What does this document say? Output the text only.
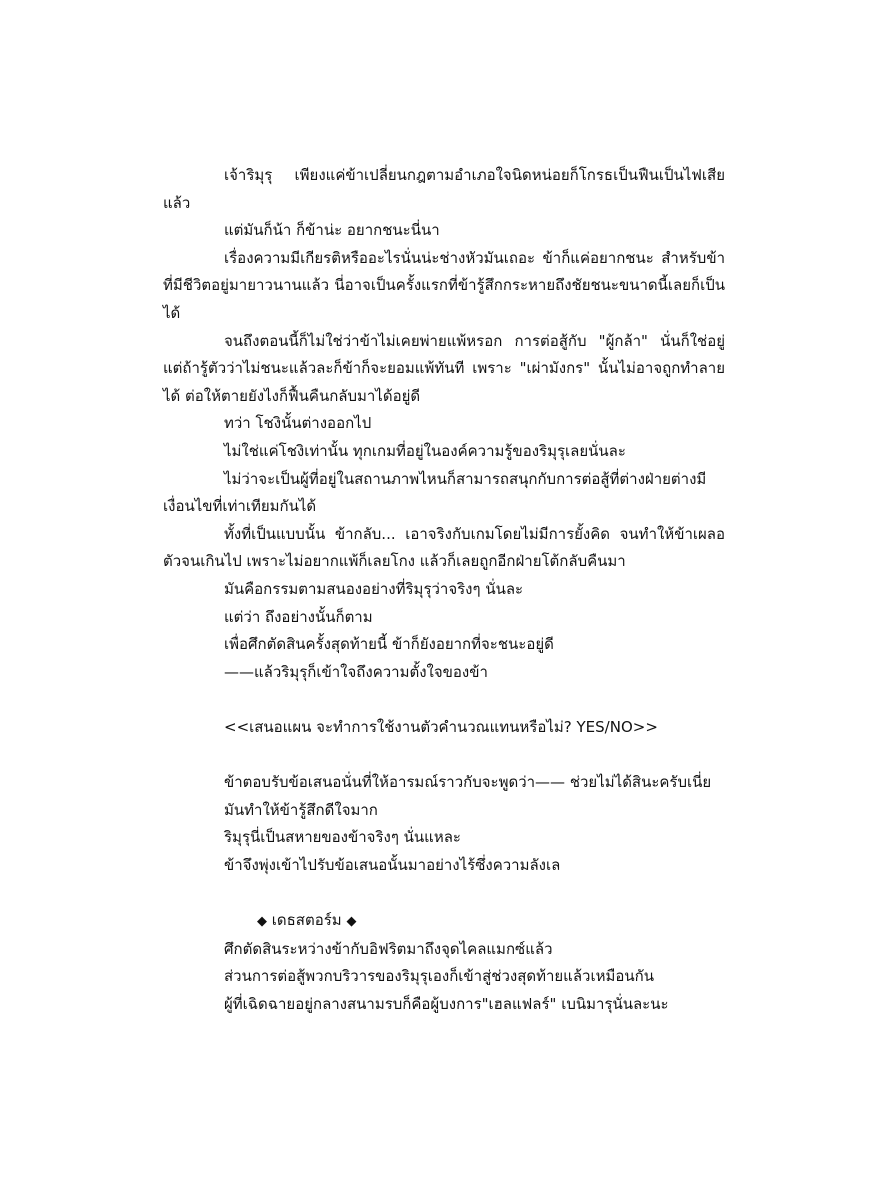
เจ้าริมุรุ เพียงแค่ข้าเปลี่ยนกฎตามอำเภอใจนิดหน่อยก็โกรธเป็นฟืนเป็นไฟเสียแล้ว

แต่มันก็น้า ก็ข้าน่ะ อยากชนะนี่นา

เรื่องความมีเกียรติหรืออะไรนั่นน่ะช่างหัวมันเถอะ ข้าก็แค่อยากชนะ สำหรับข้าที่มีชีวิตอยู่มายาวนานแล้ว นี่อาจเป็นครั้งแรกที่ข้ารู้สึกกระหายถึงชัยชนะขนาดนี้เลยก็เป็นได้

จนถึงตอนนี้ก็ไม่ใช่ว่าข้าไม่เคยพ่ายแพ้หรอก การต่อสู้กับ "ผู้กล้า" นั่นก็ใช่อยู่ แต่ถ้ารู้ตัวว่าไม่ชนะแล้วละก็ข้าก็จะยอมแพ้ทันที เพราะ "เผ่ามังกร" นั้นไม่อาจถูกทำลายได้ ต่อให้ตายยังไงก็ฟื้นคืนกลับมาได้อยู่ดี

ทว่า โชงินั้นต่างออกไป

ไม่ใช่แค่โชงิเท่านั้น ทุกเกมที่อยู่ในองค์ความรู้ของริมุรุเลยนั่นละ

ไม่ว่าจะเป็นผู้ที่อยู่ในสถานภาพไหนก็สามารถสนุกกับการต่อสู้ที่ต่างฝ่ายต่างมีเงื่อนไขที่เท่าเทียมกันได้

ทั้งที่เป็นแบบนั้น ข้ากลับ... เอาจริงกับเกมโดยไม่มีการยั้งคิด จนทำให้ข้าเผลอตัวจนเกินไป เพราะไม่อยากแพ้ก็เลยโกง แล้วก็เลยถูกอีกฝ่ายโต้กลับคืนมา

มันคือกรรมตามสนองอย่างที่ริมุรุว่าจริงๆ นั่นละ

แต่ว่า ถึงอย่างนั้นก็ตาม

เพื่อศึกตัดสินครั้งสุดท้ายนี้ ข้าก็ยังอยากที่จะชนะอยู่ดี

——แล้วริมุรุก็เข้าใจถึงความตั้งใจของข้า

<<เสนอแผน จะทำการใช้งานตัวคำนวณแทนหรือไม่? YES/NO>>

ข้าตอบรับข้อเสนอนั่นที่ให้อารมณ์ราวกับจะพูดว่า—— ช่วยไม่ได้สินะครับเนี่ย

มันทำให้ข้ารู้สึกดีใจมาก

ริมุรุนี่เป็นสหายของข้าจริงๆ นั่นแหละ

ข้าจึงพุ่งเข้าไปรับข้อเสนอนั้นมาอย่างไร้ซึ่งความลังเล

◆ เดธสตอร์ม ◆

ศึกตัดสินระหว่างข้ากับอิฟริตมาถึงจุดไคลแมกซ์แล้ว

ส่วนการต่อสู้พวกบริวารของริมุรุเองก็เข้าสู่ช่วงสุดท้ายแล้วเหมือนกัน

ผู้ที่เฉิดฉายอยู่กลางสนามรบก็คือผู้บงการ"เฮลแฟลร์" เบนิมารุนั่นละนะ
